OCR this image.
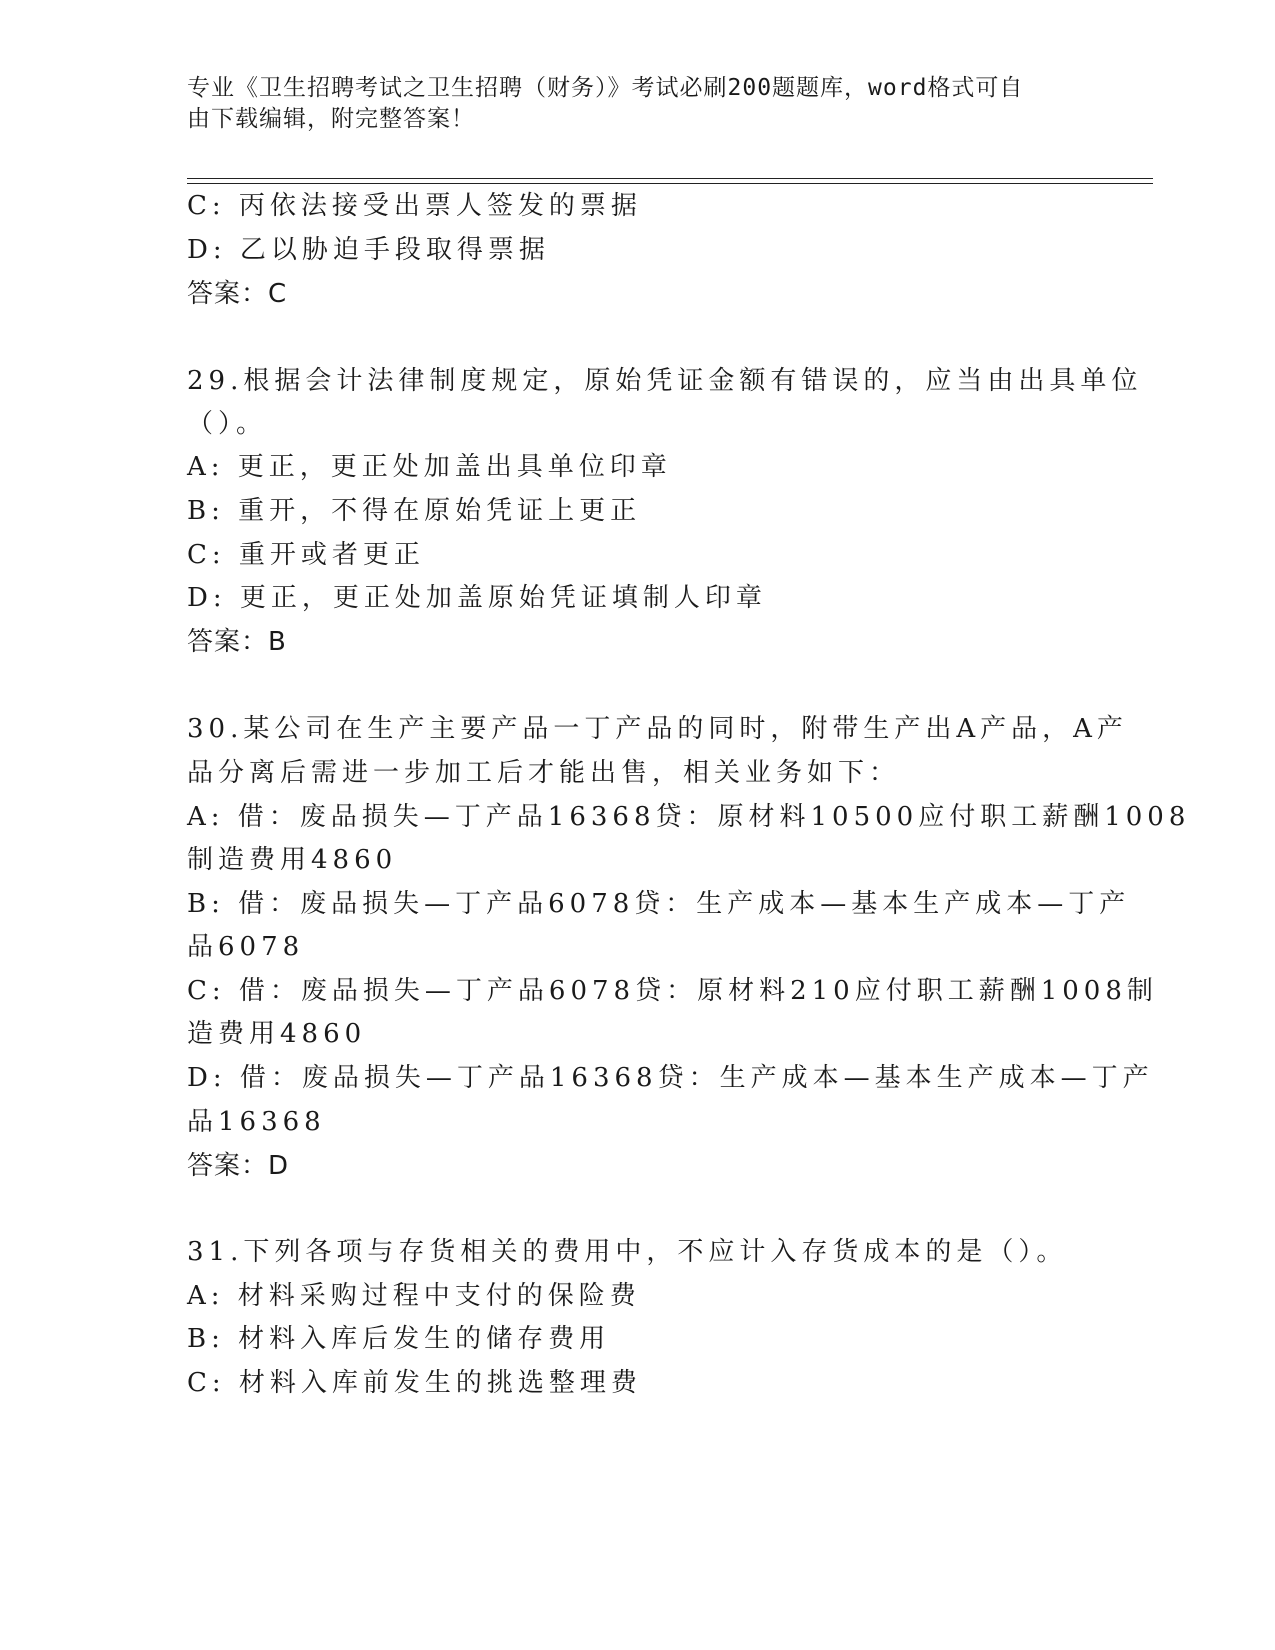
专业《卫生招聘考试之卫生招聘（财务）》考试必刷200题题库，word格式可自
由下载编辑，附完整答案！
C: 丙依法接受出票人签发的票据
D: 乙以胁迫手段取得票据
答案：C
29.根据会计法律制度规定，原始凭证金额有错误的，应当由出具单位
（）。
A: 更正，更正处加盖出具单位印章
B: 重开，不得在原始凭证上更正
C: 重开或者更正
D: 更正，更正处加盖原始凭证填制人印章
答案：B
30.某公司在生产主要产品一丁产品的同时，附带生产出A产品，A产
品分离后需进一步加工后才能出售，相关业务如下：
A: 借：废品损失—丁产品16368贷：原材料10500应付职工薪酬1008
制造费用4860
B: 借：废品损失—丁产品6078贷：生产成本—基本生产成本—丁产
品6078
C: 借：废品损失—丁产品6078贷：原材料210应付职工薪酬1008制
造费用4860
D: 借：废品损失—丁产品16368贷：生产成本—基本生产成本—丁产
品16368
答案：D
31.下列各项与存货相关的费用中，不应计入存货成本的是（）。
A: 材料采购过程中支付的保险费
B: 材料入库后发生的储存费用
C: 材料入库前发生的挑选整理费
